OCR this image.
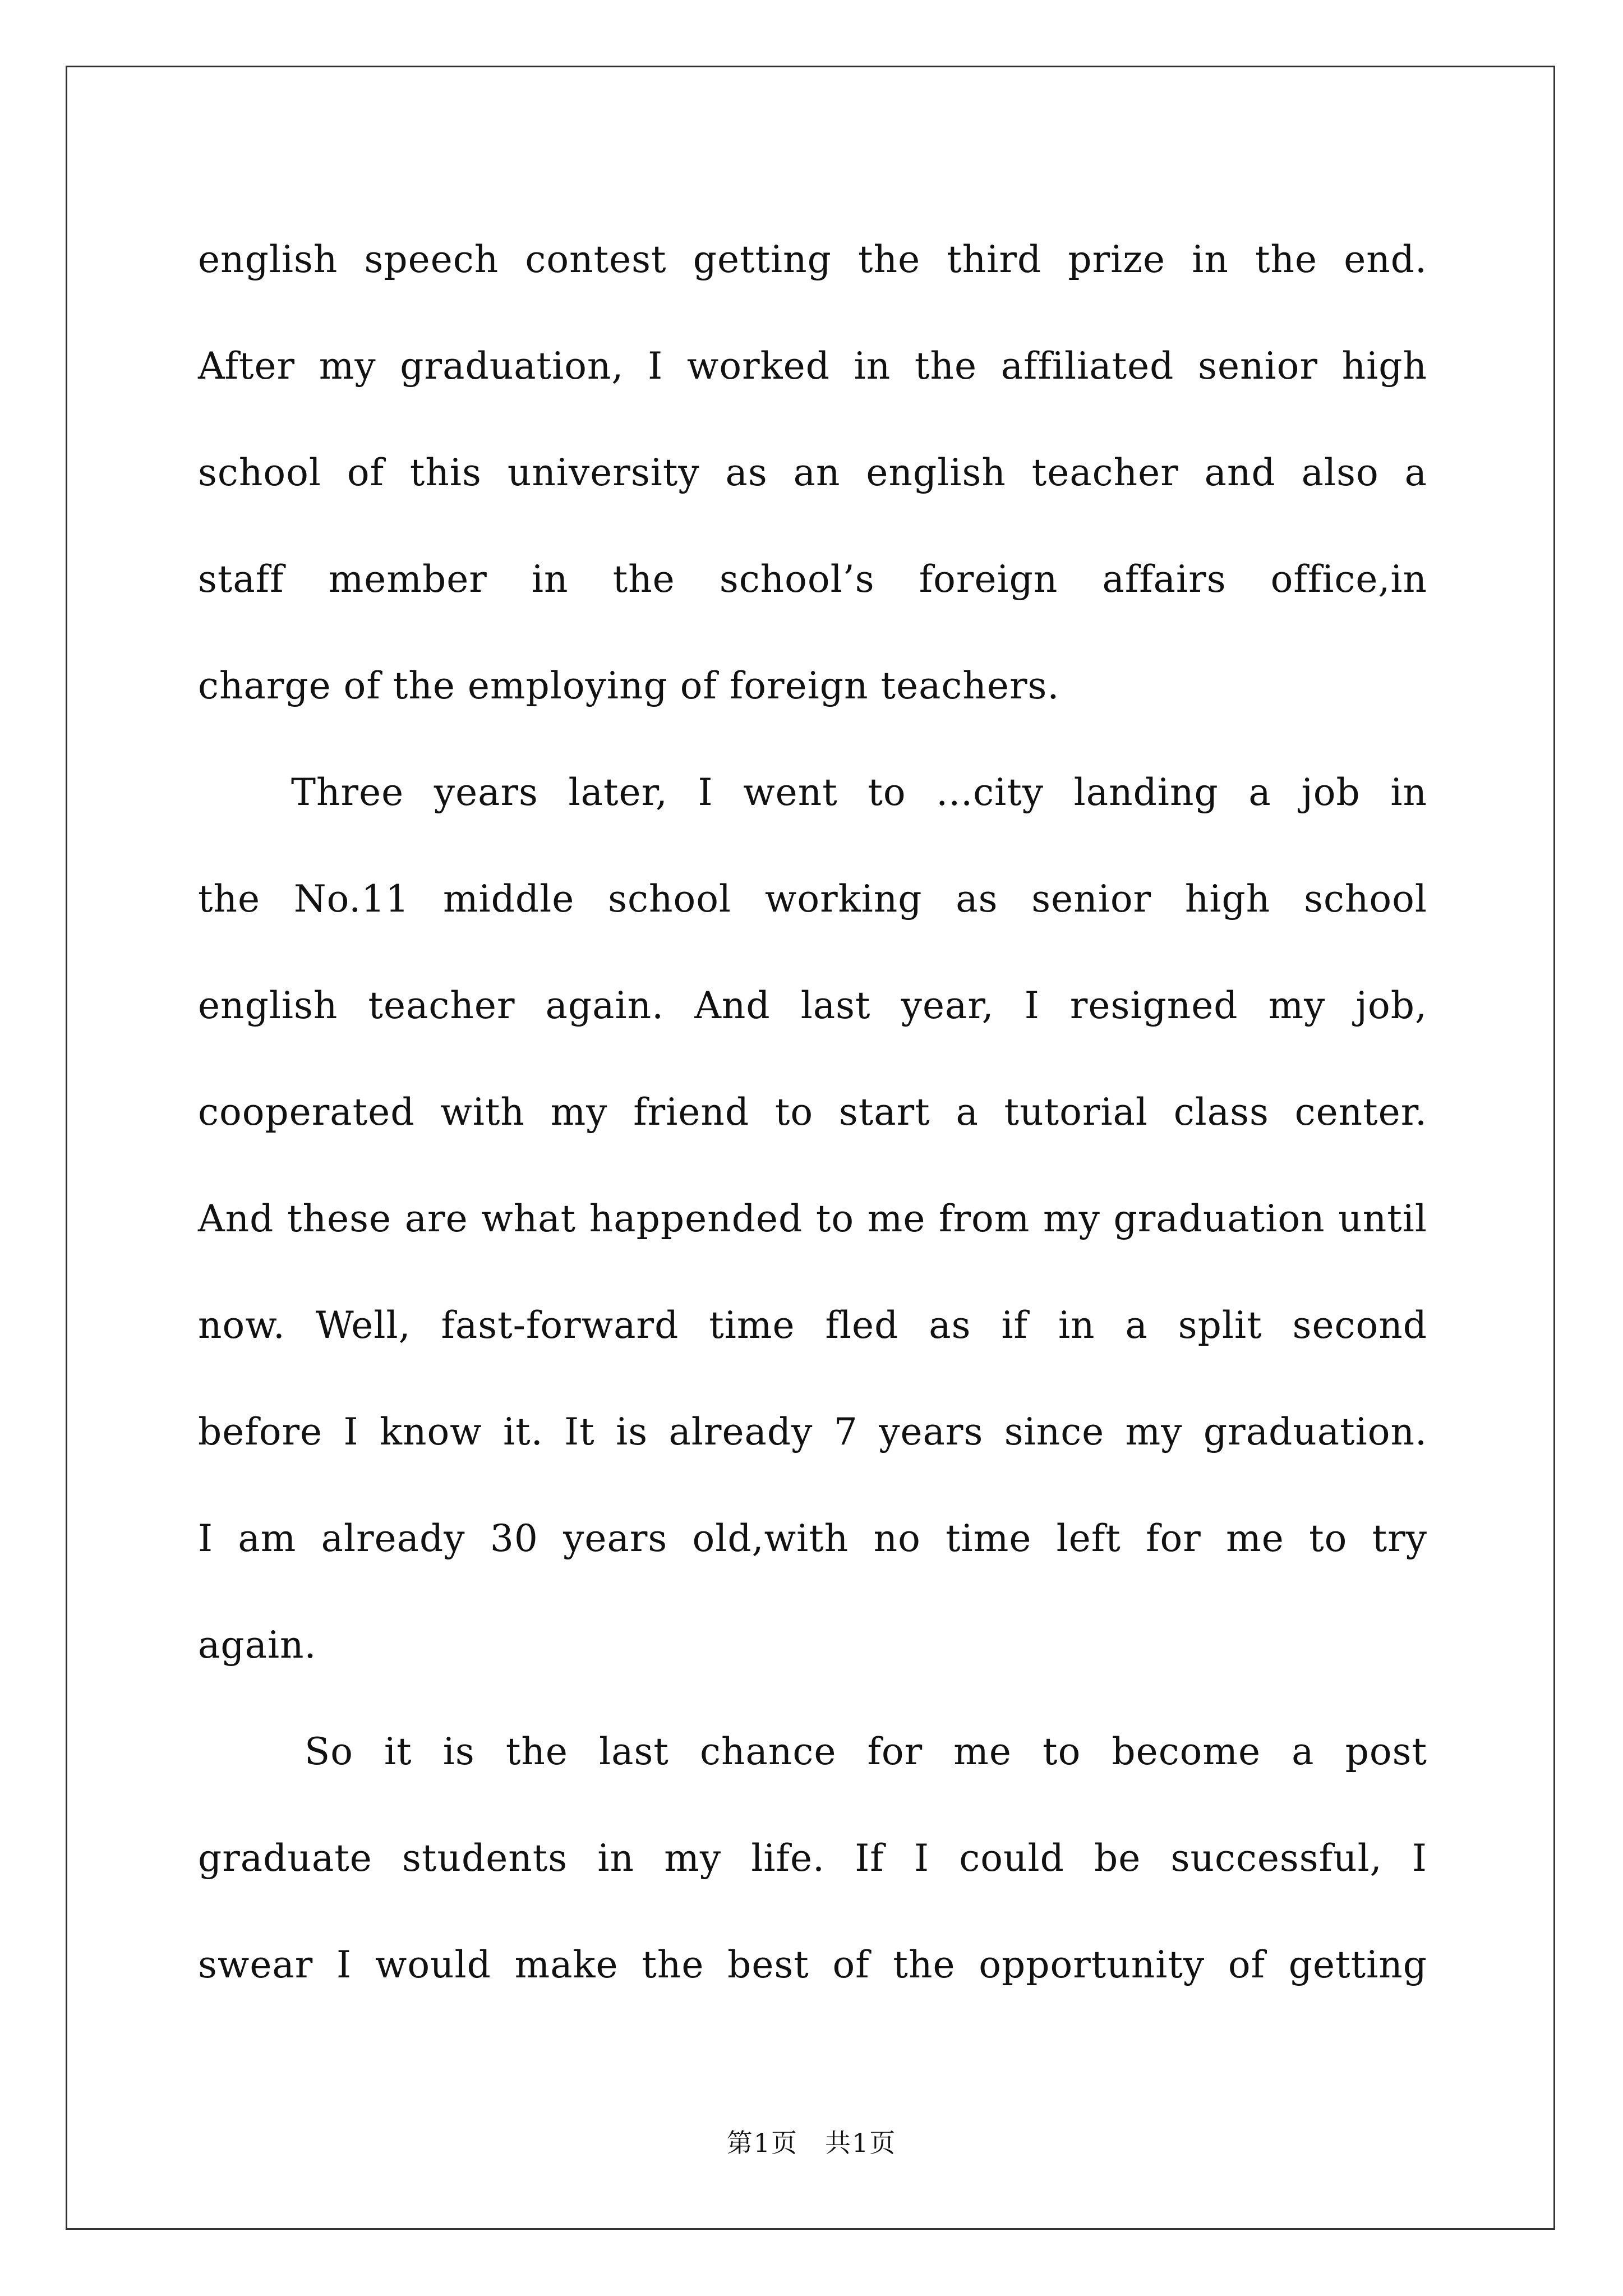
english speech contest getting the third prize in the end.
After my graduation, I worked in the affiliated senior high
school of this university as an english teacher and also a
staff member in the school’s foreign affairs office,in
charge of the employing of foreign teachers.
Three years later, I went to ...city landing a job in
the No.11 middle school working as senior high school
english teacher again. And last year, I resigned my job,
cooperated with my friend to start a tutorial class center.
And these are what happended to me from my graduation until
now. Well, fast-forward time fled as if in a split second
before I know it. It is already 7 years since my graduation.
I am already 30 years old,with no time left for me to try
again.
So it is the last chance for me to become a post
graduate students in my life. If I could be successful, I
swear I would make the best of the opportunity of getting
第1页　共1页
